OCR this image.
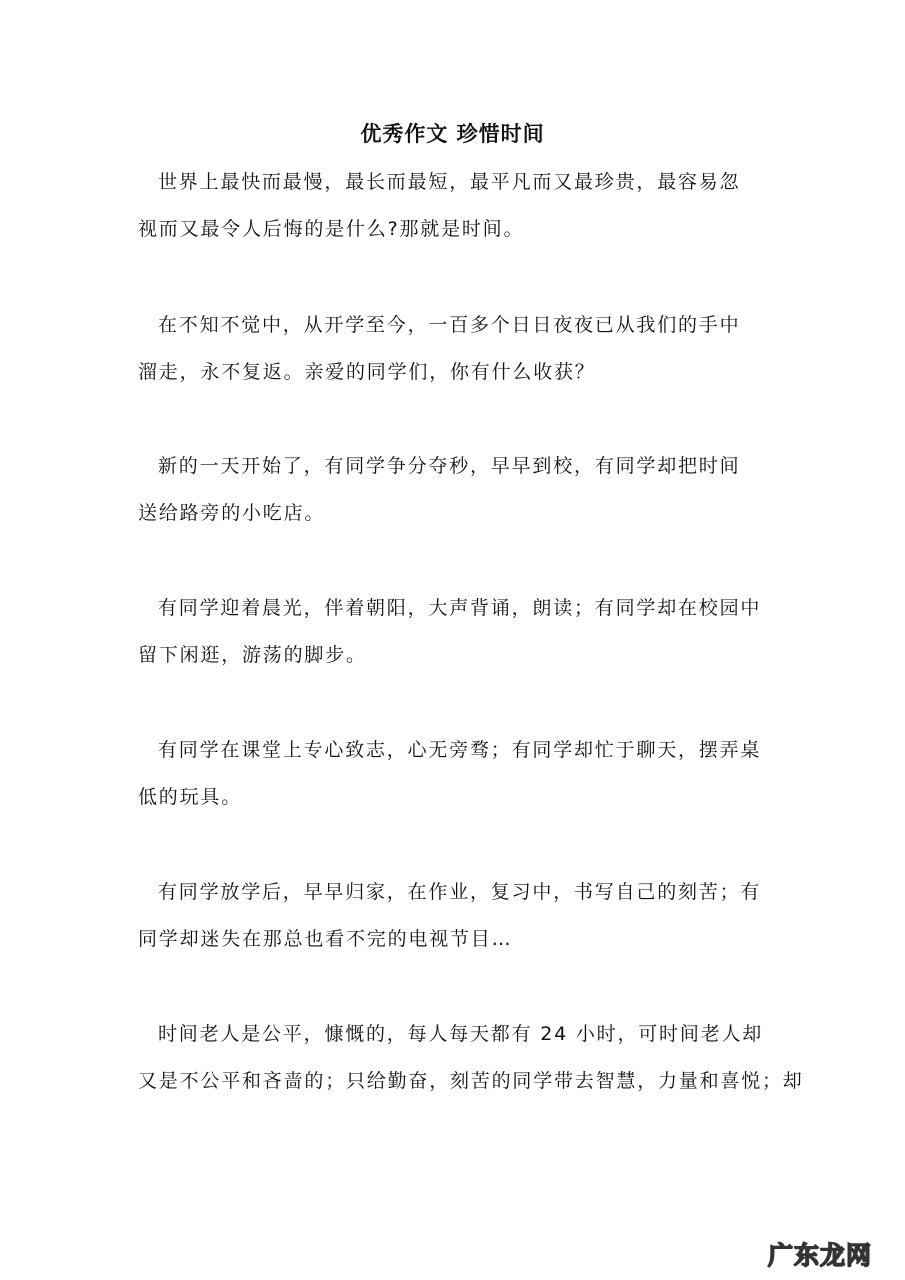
优秀作文 珍惜时间
世界上最快而最慢，最长而最短，最平凡而又最珍贵，最容易忽
视而又最令人后悔的是什么?那就是时间。
在不知不觉中，从开学至今，一百多个日日夜夜已从我们的手中
溜走，永不复返。亲爱的同学们，你有什么收获？
新的一天开始了，有同学争分夺秒，早早到校，有同学却把时间
送给路旁的小吃店。
有同学迎着晨光，伴着朝阳，大声背诵，朗读；有同学却在校园中
留下闲逛，游荡的脚步。
有同学在课堂上专心致志，心无旁骛；有同学却忙于聊天，摆弄桌
低的玩具。
有同学放学后，早早归家，在作业，复习中，书写自己的刻苦；有
同学却迷失在那总也看不完的电视节目…
时间老人是公平，慷慨的，每人每天都有 24 小时，可时间老人却
又是不公平和吝啬的；只给勤奋，刻苦的同学带去智慧，力量和喜悦；却
广东龙网
